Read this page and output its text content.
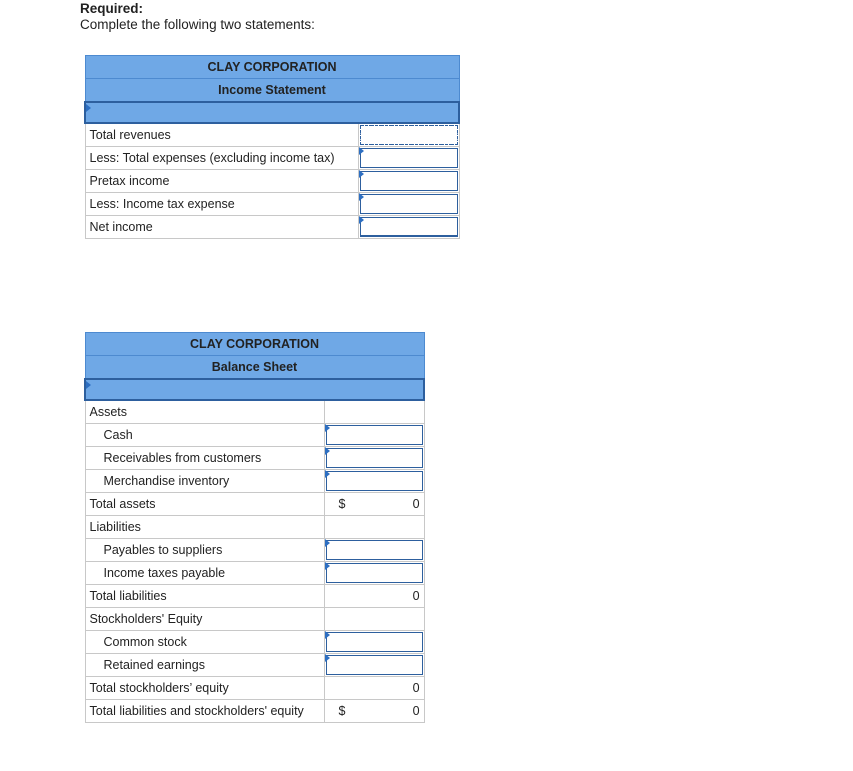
Required:
Complete the following two statements:
CLAY CORPORATION	
Income Statement	

Total revenues	

Less: Total expenses (excluding income tax)	

Pretax income	

Less: Income tax expense	

Net income	
CLAY CORPORATION	
Balance Sheet	

Assets	
Cash	

Receivables from customers	

Merchandise inventory	

Total assets	$ 0
Liabilities	
Payables to suppliers	

Income taxes payable	

Total liabilities	0
Stockholders' Equity	
Common stock	

Retained earnings	

Total stockholders’ equity	0
Total liabilities and stockholders' equity	$ 0
